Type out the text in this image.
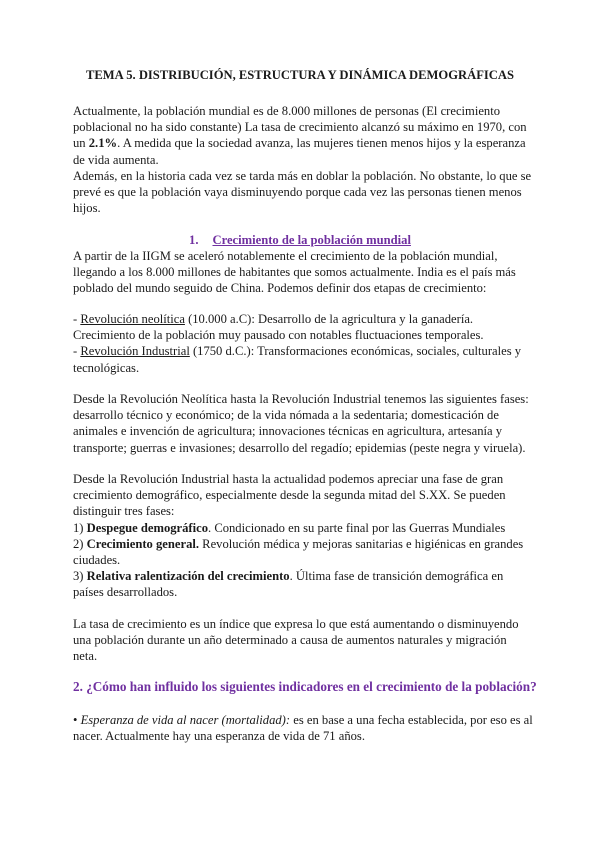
TEMA 5. DISTRIBUCIÓN, ESTRUCTURA Y DINÁMICA DEMOGRÁFICAS

Actualmente, la población mundial es de 8.000 millones de personas (El crecimiento poblacional no ha sido constante) La tasa de crecimiento alcanzó su máximo en 1970, con un 2.1%. A medida que la sociedad avanza, las mujeres tienen menos hijos y la esperanza de vida aumenta.

Además, en la historia cada vez se tarda más en doblar la población. No obstante, lo que se prevé es que la población vaya disminuyendo porque cada vez las personas tienen menos hijos.

1. Crecimiento de la población mundial

A partir de la IIGM se aceleró notablemente el crecimiento de la población mundial, llegando a los 8.000 millones de habitantes que somos actualmente. India es el país más poblado del mundo seguido de China. Podemos definir dos etapas de crecimiento:

- Revolución neolítica (10.000 a.C): Desarrollo de la agricultura y la ganadería. Crecimiento de la población muy pausado con notables fluctuaciones temporales.

- Revolución Industrial (1750 d.C.): Transformaciones económicas, sociales, culturales y tecnológicas.

Desde la Revolución Neolítica hasta la Revolución Industrial tenemos las siguientes fases: desarrollo técnico y económico; de la vida nómada a la sedentaria; domesticación de animales e invención de agricultura; innovaciones técnicas en agricultura, artesanía y transporte; guerras e invasiones; desarrollo del regadío; epidemias (peste negra y viruela).

Desde la Revolución Industrial hasta la actualidad podemos apreciar una fase de gran crecimiento demográfico, especialmente desde la segunda mitad del S.XX. Se pueden distinguir tres fases:

1) Despegue demográfico. Condicionado en su parte final por las Guerras Mundiales

2) Crecimiento general. Revolución médica y mejoras sanitarias e higiénicas en grandes ciudades.

3) Relativa ralentización del crecimiento. Última fase de transición demográfica en países desarrollados.

La tasa de crecimiento es un índice que expresa lo que está aumentando o disminuyendo una población durante un año determinado a causa de aumentos naturales y migración neta.

2. ¿Cómo han influido los siguientes indicadores en el crecimiento de la población?

• Esperanza de vida al nacer (mortalidad): es en base a una fecha establecida, por eso es al nacer. Actualmente hay una esperanza de vida de 71 años.
